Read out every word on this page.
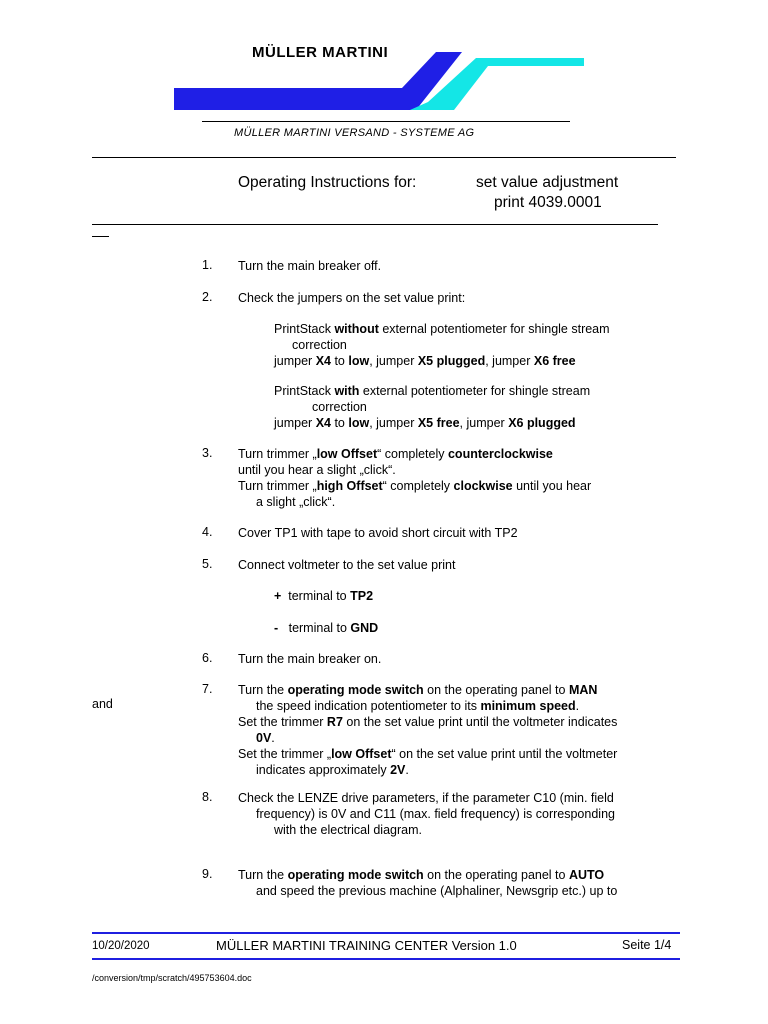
MÜLLER MARTINI
MÜLLER MARTINI VERSAND - SYSTEME AG
Operating Instructions for:	set value adjustment
print 4039.0001
1. Turn the main breaker off.
2. Check the jumpers on the set value print:
PrintStack without external potentiometer for shingle stream
correction
jumper X4 to low, jumper X5 plugged, jumper X6 free
PrintStack with external potentiometer for shingle stream
correction
jumper X4 to low, jumper X5 free, jumper X6 plugged
3. Turn trimmer „low Offset“ completely counterclockwise
until you hear a slight „click“.
Turn trimmer „high Offset“ completely clockwise until you hear
a slight „click“.
4. Cover TP1 with tape to avoid short circuit with TP2
5. Connect voltmeter to the set value print
+  terminal to TP2
-   terminal to GND
6. Turn the main breaker on.
7. Turn the operating mode switch on the operating panel to MAN
the speed indication potentiometer to its minimum speed.
Set the trimmer R7 on the set value print until the voltmeter indicates
0V.
Set the trimmer „low Offset“ on the set value print until the voltmeter
indicates approximately 2V.
8. Check the LENZE drive parameters, if the parameter C10 (min. field
frequency) is 0V and C11 (max. field frequency) is corresponding
with the electrical diagram.
9. Turn the operating mode switch on the operating panel to AUTO
and speed the previous machine (Alphaliner, Newsgrip etc.) up to
and
10/20/2020	MÜLLER MARTINI TRAINING CENTER Version 1.0	Seite 1/4
/conversion/tmp/scratch/495753604.doc
